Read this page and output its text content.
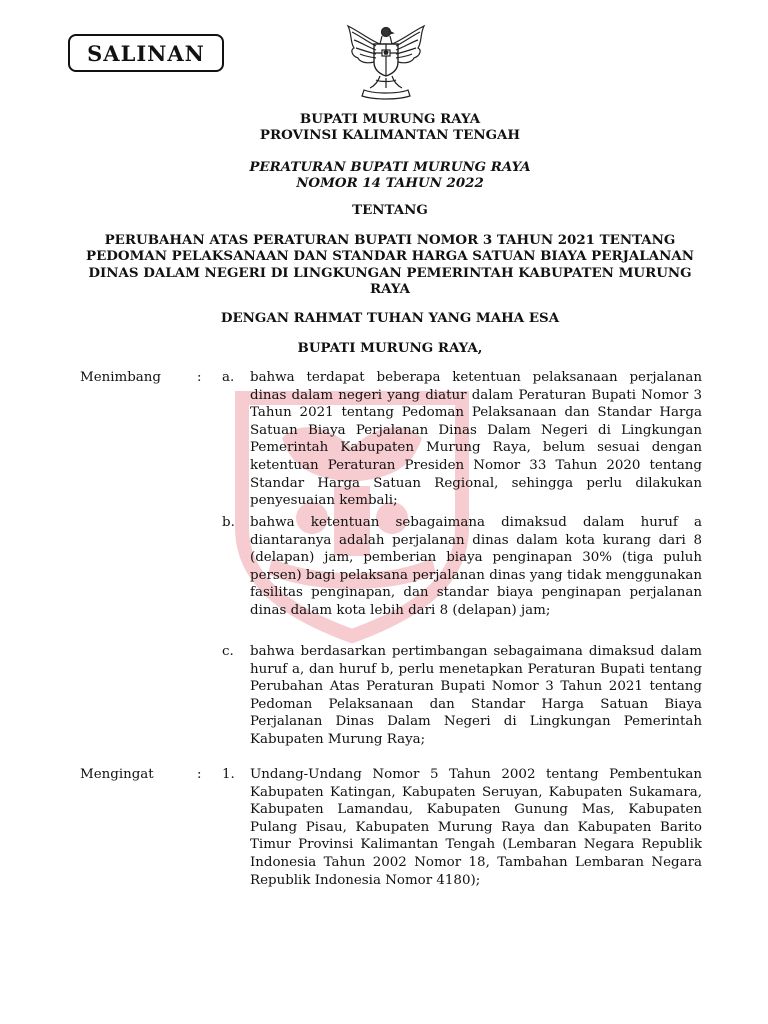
SALINAN
BUPATI MURUNG RAYA
PROVINSI KALIMANTAN TENGAH
PERATURAN BUPATI MURUNG RAYA
NOMOR 14 TAHUN 2022
TENTANG
PERUBAHAN ATAS PERATURAN BUPATI NOMOR 3 TAHUN 2021 TENTANG PEDOMAN PELAKSANAAN DAN STANDAR HARGA SATUAN BIAYA PERJALANAN DINAS DALAM NEGERI DI LINGKUNGAN PEMERINTAH KABUPATEN MURUNG RAYA
DENGAN RAHMAT TUHAN YANG MAHA ESA
BUPATI MURUNG RAYA,
Menimbang	: a. bahwa terdapat beberapa ketentuan pelaksanaan perjalanan dinas dalam negeri yang diatur dalam Peraturan Bupati Nomor 3 Tahun 2021 tentang Pedoman Pelaksanaan dan Standar Harga Satuan Biaya Perjalanan Dinas Dalam Negeri di Lingkungan Pemerintah Kabupaten Murung Raya, belum sesuai dengan ketentuan Peraturan Presiden Nomor 33 Tahun 2020 tentang Standar Harga Satuan Regional, sehingga perlu dilakukan penyesuaian kembali;
b. bahwa ketentuan sebagaimana dimaksud dalam huruf a diantaranya adalah perjalanan dinas dalam kota kurang dari 8 (delapan) jam, pemberian biaya penginapan 30% (tiga puluh persen) bagi pelaksana perjalanan dinas yang tidak menggunakan fasilitas penginapan, dan standar biaya penginapan perjalanan dinas dalam kota lebih dari 8 (delapan) jam;
c. bahwa berdasarkan pertimbangan sebagaimana dimaksud dalam huruf a, dan huruf b, perlu menetapkan Peraturan Bupati tentang Perubahan Atas Peraturan Bupati Nomor 3 Tahun 2021 tentang Pedoman Pelaksanaan dan Standar Harga Satuan Biaya Perjalanan Dinas Dalam Negeri di Lingkungan Pemerintah Kabupaten Murung Raya;
Mengingat	: 1. Undang-Undang Nomor 5 Tahun 2002 tentang Pembentukan Kabupaten Katingan, Kabupaten Seruyan, Kabupaten Sukamara, Kabupaten Lamandau, Kabupaten Gunung Mas, Kabupaten Pulang Pisau, Kabupaten Murung Raya dan Kabupaten Barito Timur Provinsi Kalimantan Tengah (Lembaran Negara Republik Indonesia Tahun 2002 Nomor 18, Tambahan Lembaran Negara Republik Indonesia Nomor 4180);
